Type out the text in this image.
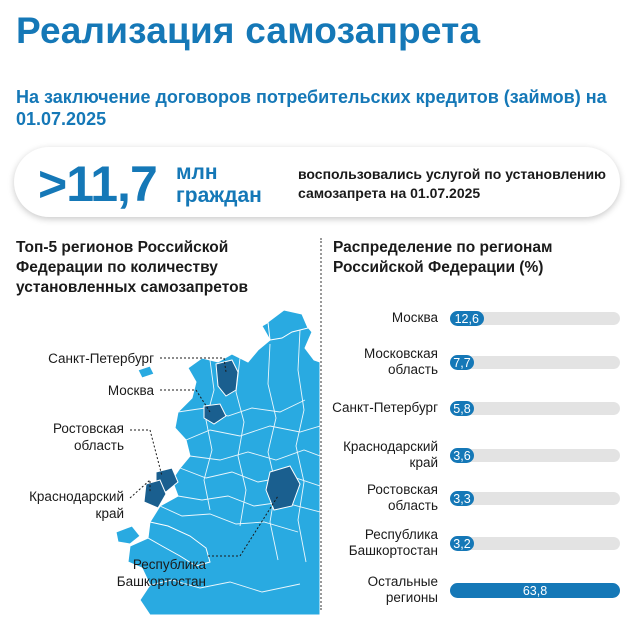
Реализация самозапрета
На заключение договоров потребительских кредитов (займов) на 01.07.2025
>11,7 млн
граждан
воспользовались услугой по установлению самозапрета на 01.07.2025
Топ-5 регионов Российской Федерации по количеству установленных самозапретов
Распределение по регионам Российской Федерации (%)
Санкт-Петербург
Москва
Ростовская
область
Краснодарский
край
Республика
Башкортостан
Москва 12,6
Московская
область 7,7
Санкт-Петербург 5,8
Краснодарский
край 3,6
Ростовская
область 3,3
Республика
Башкортостан 3,2
Остальные
регионы	63,8
